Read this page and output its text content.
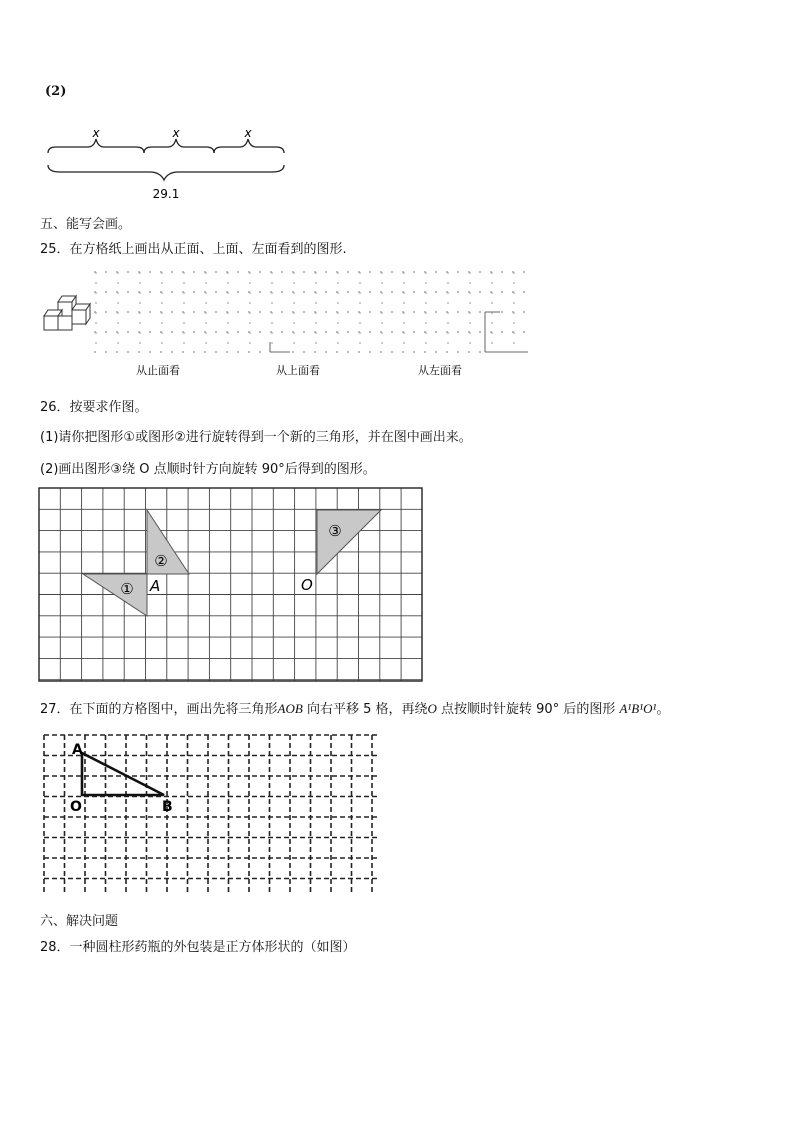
(2)
x	x	x
29.1
五、能写会画。
25．在方格纸上画出从正面、上面、左面看到的图形.
从止面看	从上面看	从左面看
26．按要求作图。
(1)请你把图形①或图形②进行旋转得到一个新的三角形，并在图中画出来。
(2)画出图形③绕 O 点顺时针方向旋转 90°后得到的图形。
①
②
③
A	O
27．在下面的方格图中，画出先将三角形AOB 向右平移 5 格，再绕O 点按顺时针旋转 90° 后的图形 A¹B¹O¹。
A
O	B
六、解决问题
28．一种圆柱形药瓶的外包装是正方体形状的（如图）
